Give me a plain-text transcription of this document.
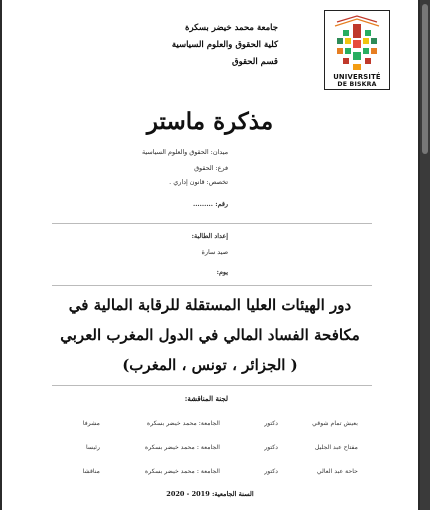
جامعة محمد خيضر بسكرة
كلية الحقوق والعلوم السياسية
قسم الحقوق
UNIVERSITÉ
DE BISKRA
مذكرة ماستر
ميدان: الحقوق والعلوم السياسية
فرع: الحقوق
تخصص: قانون إداري .
رقم: .........
إعداد الطالبة:
صيد سارة
يوم:
دور الهيئات العليا المستقلة للرقابة المالية في
مكافحة الفساد المالي في الدول المغرب العربي
( الجزائر ، تونس ، المغرب)
لجنة المناقشة:
بعيش تمام شوقي
دكتور
الجامعة: محمد خيضر بسكرة
مشرفا
مفتاح عبد الجليل
دكتور
الجامعة : محمد خيضر بسكرة
رئيسا
حاحة عبد العالي
دكتور
الجامعة : محمد خيضر بسكرة
مناقشا
السنة الجامعية: 2019 - 2020
